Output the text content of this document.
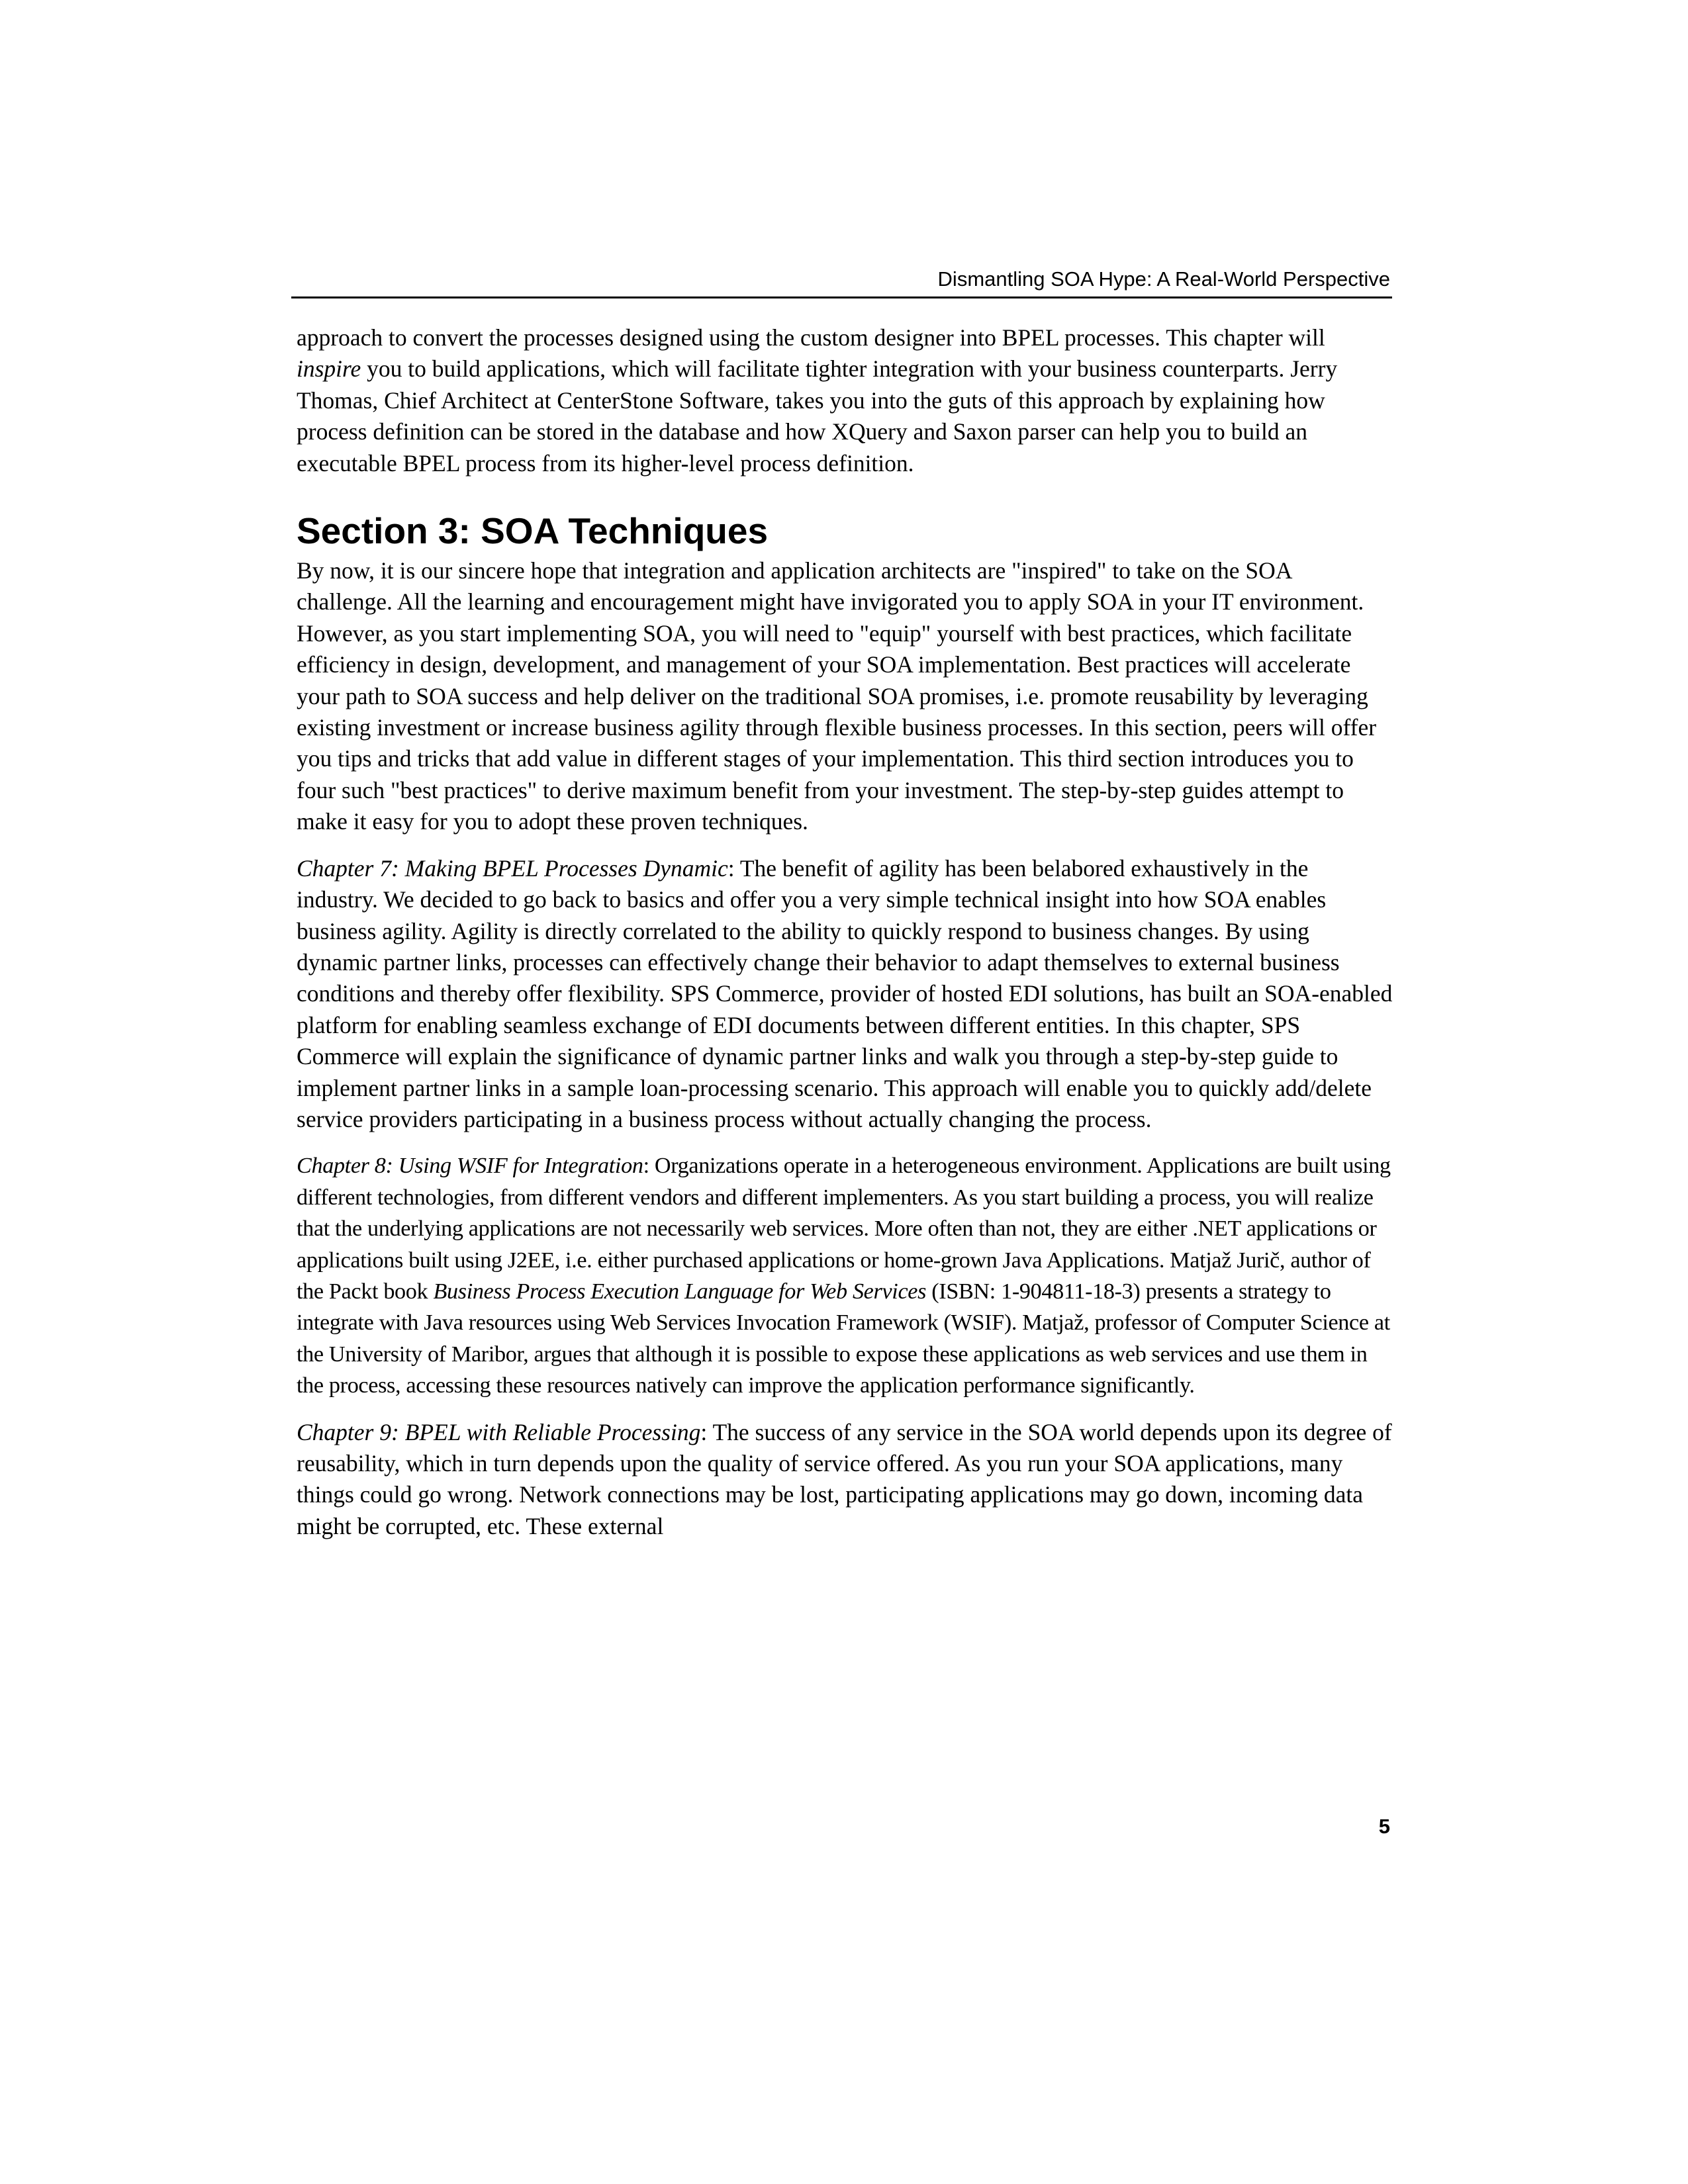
Dismantling SOA Hype: A Real-World Perspective

approach to convert the processes designed using the custom designer into BPEL processes. This chapter will inspire you to build applications, which will facilitate tighter integration with your business counterparts. Jerry Thomas, Chief Architect at CenterStone Software, takes you into the guts of this approach by explaining how process definition can be stored in the database and how XQuery and Saxon parser can help you to build an executable BPEL process from its higher-level process definition.

Section 3: SOA Techniques

By now, it is our sincere hope that integration and application architects are "inspired" to take on the SOA challenge. All the learning and encouragement might have invigorated you to apply SOA in your IT environment. However, as you start implementing SOA, you will need to "equip" yourself with best practices, which facilitate efficiency in design, development, and management of your SOA implementation. Best practices will accelerate your path to SOA success and help deliver on the traditional SOA promises, i.e. promote reusability by leveraging existing investment or increase business agility through flexible business processes. In this section, peers will offer you tips and tricks that add value in different stages of your implementation. This third section introduces you to four such "best practices" to derive maximum benefit from your investment. The step-by-step guides attempt to make it easy for you to adopt these proven techniques.

Chapter 7: Making BPEL Processes Dynamic: The benefit of agility has been belabored exhaustively in the industry. We decided to go back to basics and offer you a very simple technical insight into how SOA enables business agility. Agility is directly correlated to the ability to quickly respond to business changes. By using dynamic partner links, processes can effectively change their behavior to adapt themselves to external business conditions and thereby offer flexibility. SPS Commerce, provider of hosted EDI solutions, has built an SOA-enabled platform for enabling seamless exchange of EDI documents between different entities. In this chapter, SPS Commerce will explain the significance of dynamic partner links and walk you through a step-by-step guide to implement partner links in a sample loan-processing scenario. This approach will enable you to quickly add/delete service providers participating in a business process without actually changing the process.

Chapter 8: Using WSIF for Integration: Organizations operate in a heterogeneous environment. Applications are built using different technologies, from different vendors and different implementers. As you start building a process, you will realize that the underlying applications are not necessarily web services. More often than not, they are either .NET applications or applications built using J2EE, i.e. either purchased applications or home-grown Java Applications. Matjaž Jurič, author of the Packt book Business Process Execution Language for Web Services (ISBN: 1-904811-18-3) presents a strategy to integrate with Java resources using Web Services Invocation Framework (WSIF). Matjaž, professor of Computer Science at the University of Maribor, argues that although it is possible to expose these applications as web services and use them in the process, accessing these resources natively can improve the application performance significantly.

Chapter 9: BPEL with Reliable Processing: The success of any service in the SOA world depends upon its degree of reusability, which in turn depends upon the quality of service offered. As you run your SOA applications, many things could go wrong. Network connections may be lost, participating applications may go down, incoming data might be corrupted, etc. These external

5
